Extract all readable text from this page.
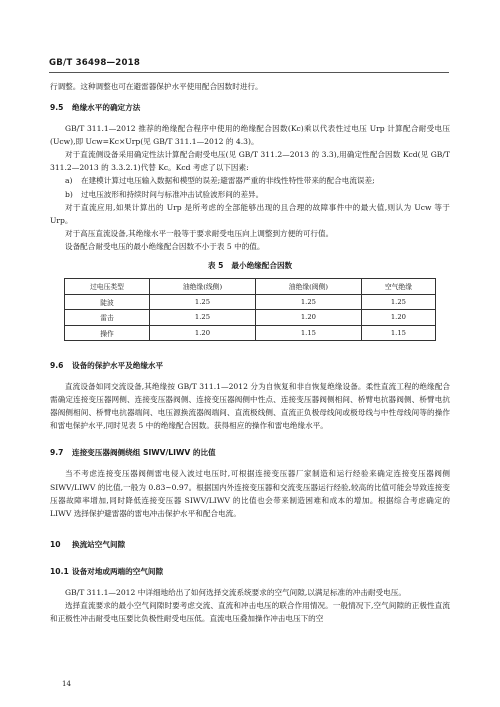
GB/T 36498—2018

行调整。这种调整也可在避雷器保护水平使用配合因数时进行。

9.5 绝缘水平的确定方法

GB/T 311.1—2012 推荐的绝缘配合程序中使用的绝缘配合因数(Kc)乘以代表性过电压 Urp 计算配合耐受电压(Ucw),即 Ucw=Kc×Urp(见 GB/T 311.1—2012 的 4.3)。

对于直流侧设备采用确定性法计算配合耐受电压(见 GB/T 311.2—2013 的 3.3),用确定性配合因数 Kcd(见 GB/T 311.2—2013 的 3.3.2.1)代替 Kc。Kcd 考虑了以下因素:

a) 在建模计算过电压输入数据和模型的误差;避雷器严重的非线性特性带来的配合电流误差;

b) 过电压波形和持续时间与标准冲击试验波形间的差异。

对于直流应用,如果计算出的 Urp 是所考虑的全部能够出现的且合理的故障事件中的最大值,则认为 Ucw 等于 Urp。

对于高压直流设备,其绝缘水平一般等于要求耐受电压向上调整到方便的可行值。

设备配合耐受电压的最小绝缘配合因数不小于表 5 中的值。

表 5 最小绝缘配合因数
过电压类型	油绝缘(线侧)	油绝缘(阀侧)	空气绝缘
陡波	1.25	1.25	1.25
雷击	1.25	1.20	1.20
操作	1.20	1.15	1.15
9.6 设备的保护水平及绝缘水平

直流设备如同交流设备,其绝缘按 GB/T 311.1—2012 分为自恢复和非自恢复绝缘设备。柔性直流工程的绝缘配合需确定连接变压器网侧、连接变压器阀侧、连接变压器阀侧中性点、连接变压器阀侧相间、桥臂电抗器阀侧、桥臂电抗器阀侧相间、桥臂电抗器端间、电压源换流器阀端间、直流极线侧、直流正负极母线间或极母线与中性母线间等的操作和雷电保护水平,同时见表 5 中的绝缘配合因数。获得相应的操作和雷电绝缘水平。

9.7 连接变压器阀侧绕组 SIWV/LIWV 的比值

当不考虑连接变压器阀侧雷电侵入波过电压时,可根据连接变压器厂家制造和运行经验来确定连接变压器阀侧 SIWV/LIWV 的比值,一般为 0.83~0.97。根据国内外连接变压器和交流变压器运行经验,较高的比值可能会导致连接变压器故障率增加,同时降低连接变压器 SIWV/LIWV 的比值也会带来制造困难和成本的增加。根据综合考虑确定的 LIWV 选择保护避雷器的雷电冲击保护水平和配合电流。

10 换流站空气间隙
10.1 设备对地或两端的空气间隙

GB/T 311.1—2012 中详细地给出了如何选择交流系统要求的空气间隙,以满足标准的冲击耐受电压。

选择直流要求的最小空气间隙时要考虑交流、直流和冲击电压的联合作用情况。一般情况下,空气间隙的正极性直流和正极性冲击耐受电压要比负极性耐受电压低。直流电压叠加操作冲击电压下的空

14
